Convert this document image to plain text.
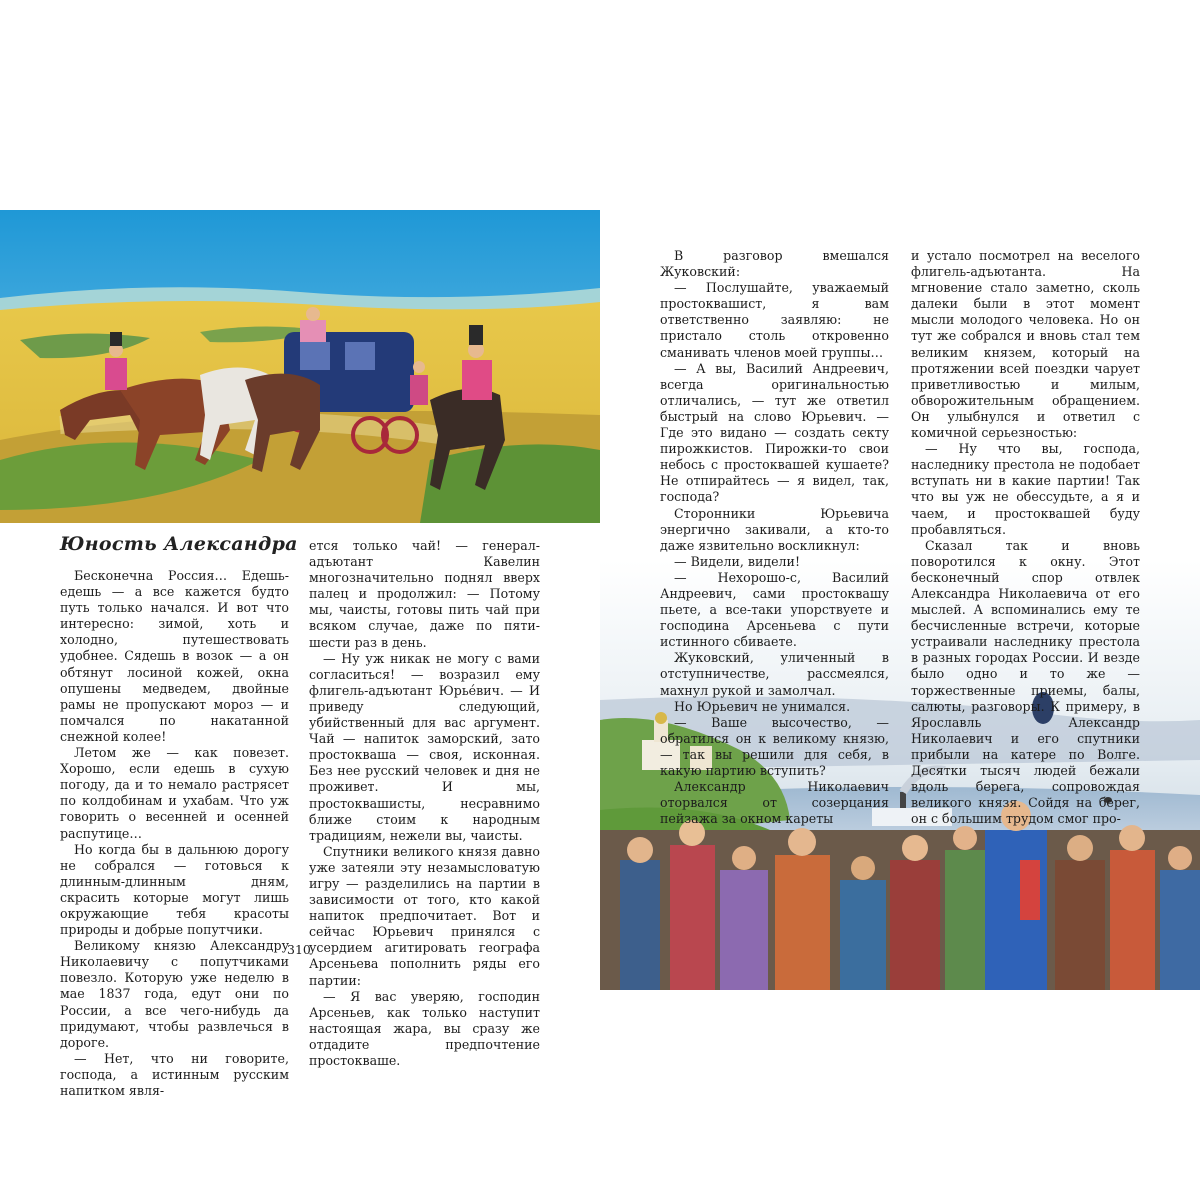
Юность Александра

Бесконечна Россия… Едешь-едешь — а все кажется будто путь только начался. И вот что интересно: зимой, хоть и холодно, путешествовать удобнее. Сядешь в возок — а он обтянут лосиной кожей, окна опушены медведем, двойные рамы не пропускают мороз — и помчался по накатанной снежной колее!

Летом же — как повезет. Хорошо, если едешь в сухую погоду, да и то немало растрясет по колдобинам и ухабам. Что уж говорить о весенней и осенней распутице…

Но когда бы в дальнюю дорогу не собрался — готовься к длинным-длинным дням, скрасить которые могут лишь окружающие тебя красоты природы и добрые попутчики.

Великому князю Александру Николаевичу с попутчиками повезло. Которую уже неделю в мае 1837 года, едут они по России, а все чего-нибудь да придумают, чтобы развлечься в дороге.

— Нет, что ни говорите, господа, а истинным русским напитком явля-

ется только чай! — генерал-адъютант Кавелин многозначительно поднял вверх палец и продолжил: — Потому мы, чаисты, готовы пить чай при всяком случае, даже по пяти-шести раз в день.

— Ну уж никак не могу с вами согласиться! — возразил ему флигель-адъютант Юрьéвич. — И приведу следующий, убийственный для вас аргумент. Чай — напиток заморский, зато простокваша — своя, исконная. Без нее русский человек и дня не проживет. И мы, простоквашисты, несравнимо ближе стоим к народным традициям, нежели вы, чаисты.

Спутники великого князя давно уже затеяли эту незамысловатую игру — разделились на партии в зависимости от того, кто какой напиток предпочитает. Вот и сейчас Юрьевич принялся с усердием агитировать географа Арсеньева пополнить ряды его партии:

— Я вас уверяю, господин Арсеньев, как только наступит настоящая жара, вы сразу же отдадите предпочтение простокваше.

В разговор вмешался Жуковский:

— Послушайте, уважаемый простоквашист, я вам ответственно заявляю: не пристало столь откровенно сманивать членов моей группы…

— А вы, Василий Андреевич, всегда оригинальностью отличались, — тут же ответил быстрый на слово Юрьевич. — Где это видано — создать секту пирожкистов. Пирожки-то свои небось с простоквашей кушаете? Не отпирайтесь — я видел, так, господа?

Сторонники Юрьевича энергично закивали, а кто-то даже язвительно воскликнул:

— Видели, видели!

— Нехорошо-с, Василий Андреевич, сами простоквашу пьете, а все-таки упорствуете и господина Арсеньева с пути истинного сбиваете.

Жуковский, уличенный в отступничестве, рассмеялся, махнул рукой и замолчал.

Но Юрьевич не унимался.

— Ваше высочество, — обратился он к великому князю, — так вы решили для себя, в какую партию вступить?

Александр Николаевич оторвался от созерцания пейзажа за окном кареты

и устало посмотрел на веселого флигель-адъютанта. На мгновение стало заметно, сколь далеки были в этот момент мысли молодого человека. Но он тут же собрался и вновь стал тем великим князем, который на протяжении всей поездки чарует приветливостью и милым, обворожительным обращением. Он улыбнулся и ответил с комичной серьезностью:

— Ну что вы, господа, наследнику престола не подобает вступать ни в какие партии! Так что вы уж не обессудьте, а я и чаем, и простоквашей буду пробавляться.

Сказал так и вновь поворотился к окну. Этот бесконечный спор отвлек Александра Николаевича от его мыслей. А вспоминались ему те бесчисленные встречи, которые устраивали наследнику престола в разных городах России. И везде было одно и то же — торжественные приемы, балы, салюты, разговоры. К примеру, в Ярославль Александр Николаевич и его спутники прибыли на катере по Волге. Десятки тысяч людей бежали вдоль берега, сопровождая великого князя. Сойдя на берег, он с большим трудом смог про-

310
